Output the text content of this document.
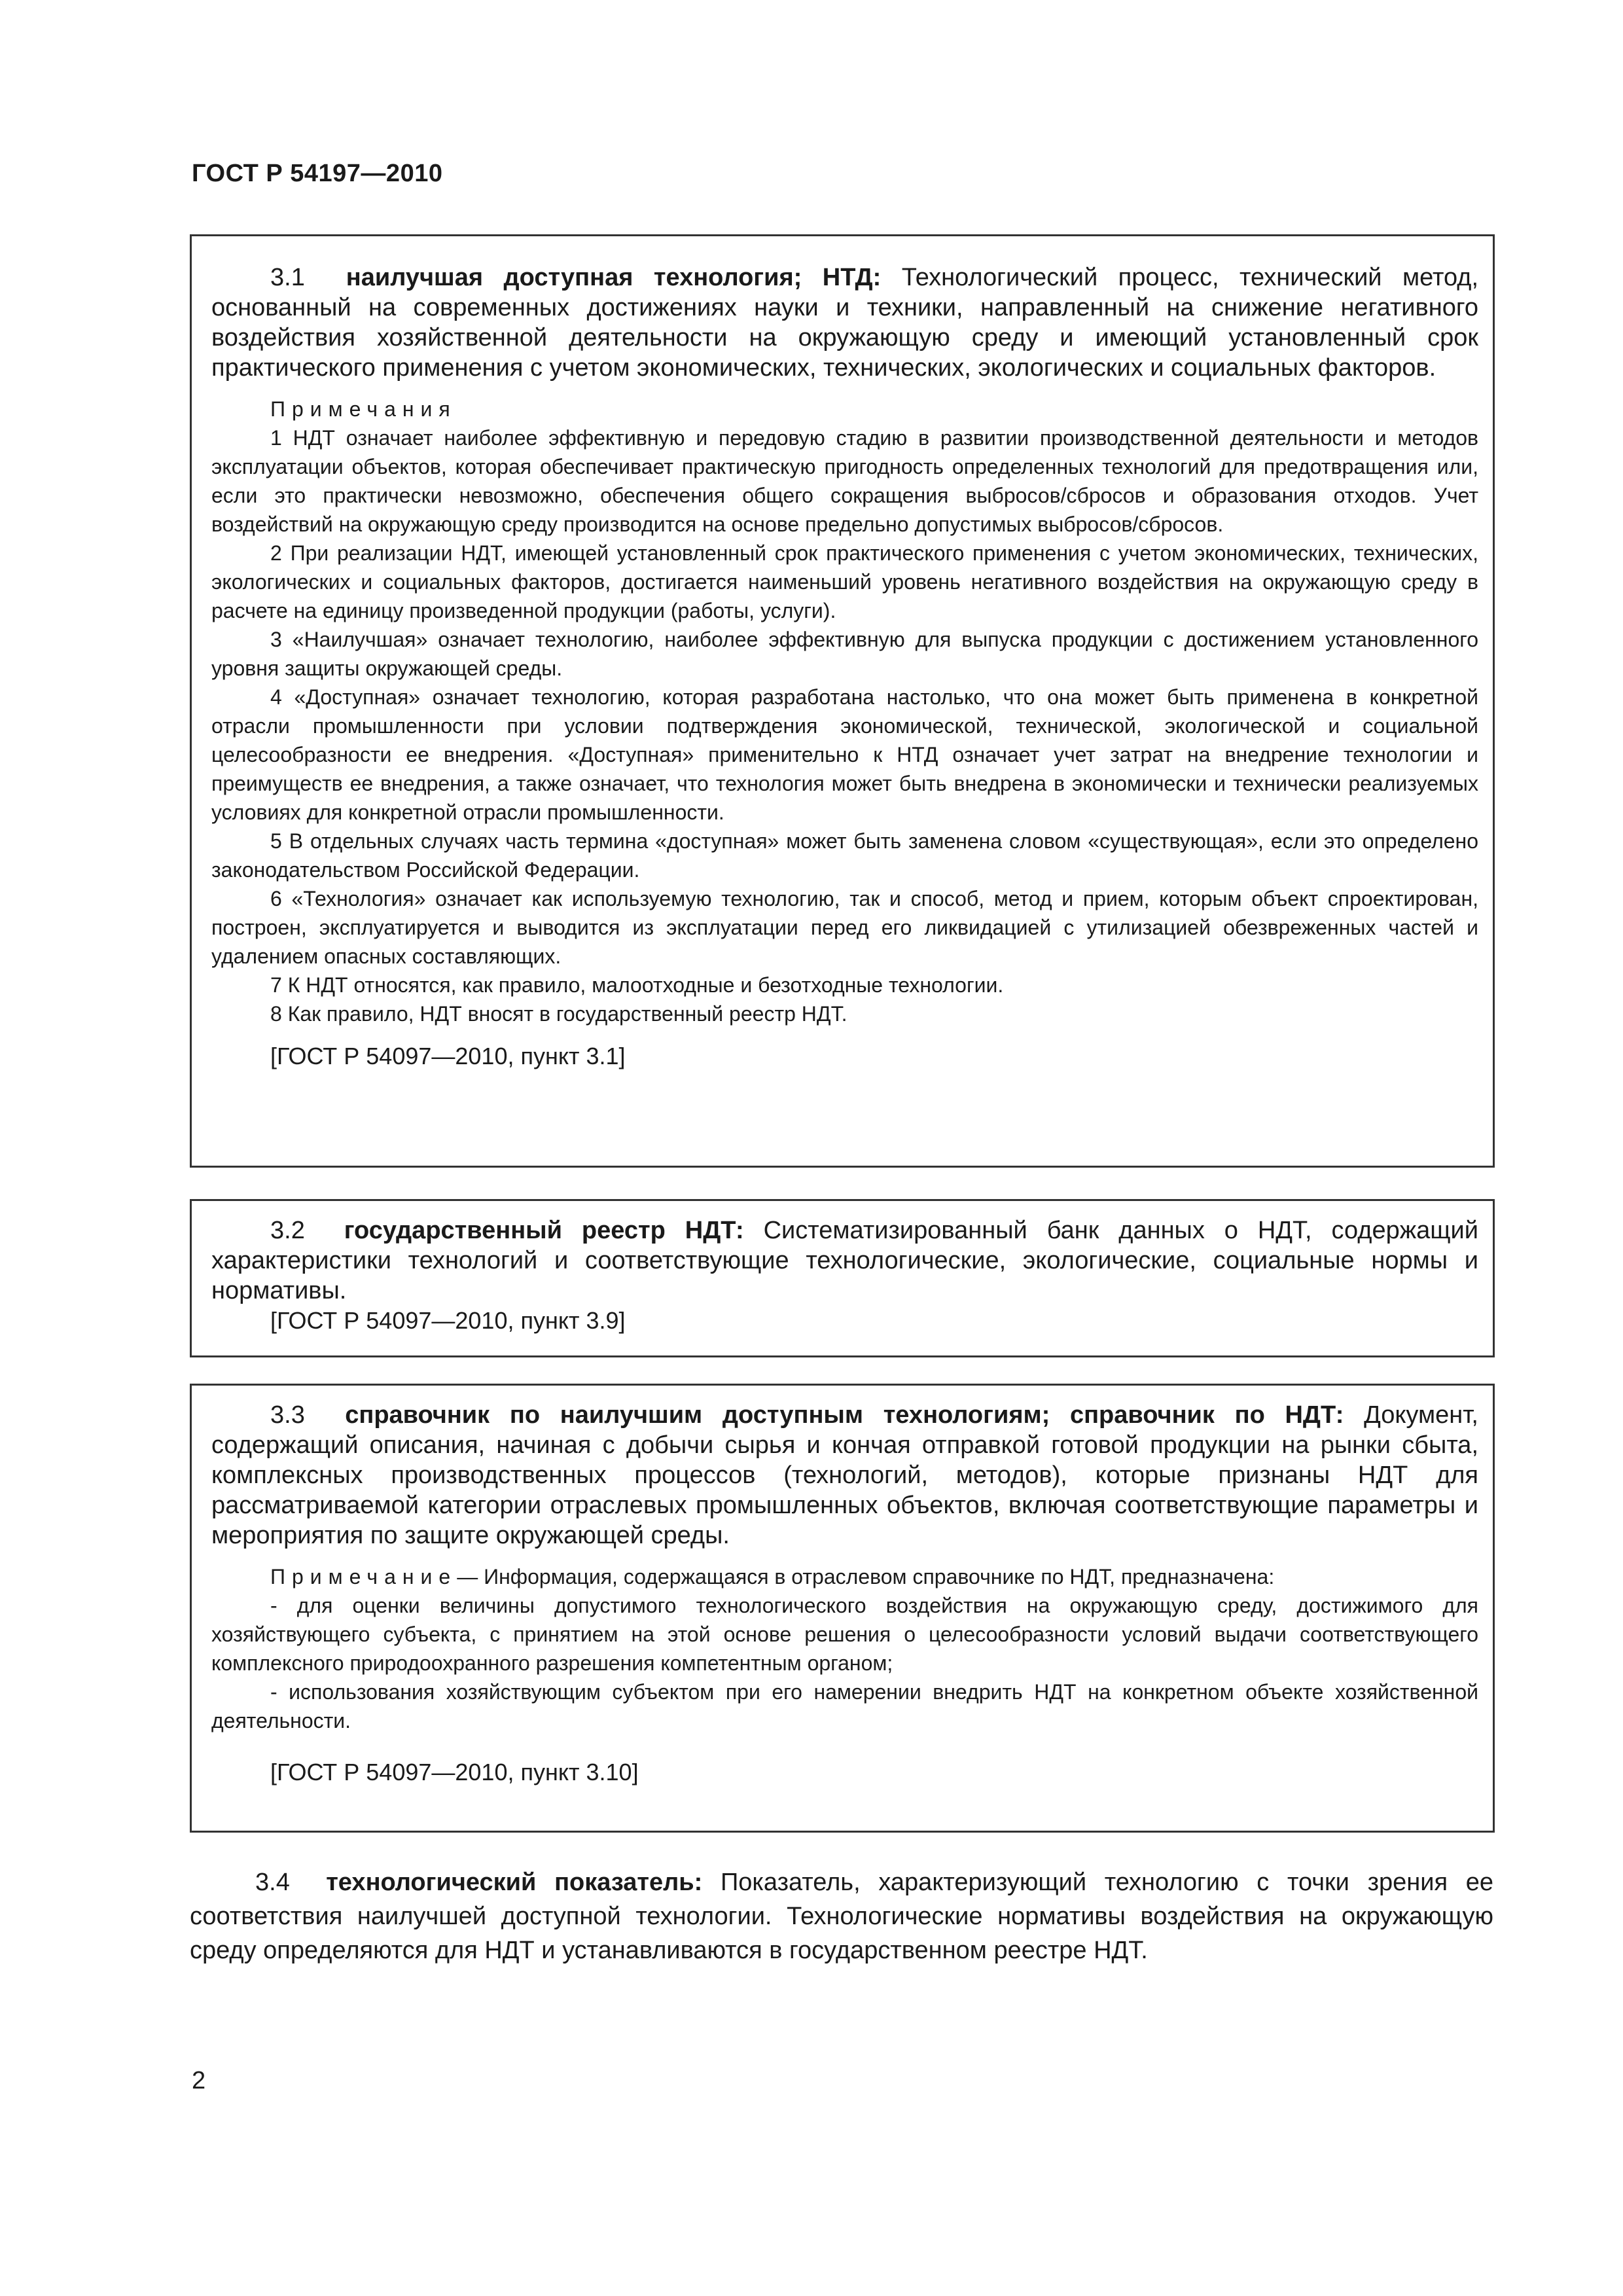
ГОСТ Р 54197—2010

3.1 наилучшая доступная технология; НТД: Технологический процесс, технический метод, основанный на современных достижениях науки и техники, направленный на снижение негативного воздействия хозяйственной деятельности на окружающую среду и имеющий установленный срок практического применения с учетом экономических, технических, экологических и социальных факторов.

Примечания

1 НДТ означает наиболее эффективную и передовую стадию в развитии производственной деятельности и методов эксплуатации объектов, которая обеспечивает практическую пригодность определенных технологий для предотвращения или, если это практически невозможно, обеспечения общего сокращения выбросов/сбросов и образования отходов. Учет воздействий на окружающую среду производится на основе предельно допустимых выбросов/сбросов.

2 При реализации НДТ, имеющей установленный срок практического применения с учетом экономических, технических, экологических и социальных факторов, достигается наименьший уровень негативного воздействия на окружающую среду в расчете на единицу произведенной продукции (работы, услуги).

3 «Наилучшая» означает технологию, наиболее эффективную для выпуска продукции с достижением установленного уровня защиты окружающей среды.

4 «Доступная» означает технологию, которая разработана настолько, что она может быть применена в конкретной отрасли промышленности при условии подтверждения экономической, технической, экологической и социальной целесообразности ее внедрения. «Доступная» применительно к НТД означает учет затрат на внедрение технологии и преимуществ ее внедрения, а также означает, что технология может быть внедрена в экономически и технически реализуемых условиях для конкретной отрасли промышленности.

5 В отдельных случаях часть термина «доступная» может быть заменена словом «существующая», если это определено законодательством Российской Федерации.

6 «Технология» означает как используемую технологию, так и способ, метод и прием, которым объект спроектирован, построен, эксплуатируется и выводится из эксплуатации перед его ликвидацией с утилизацией обезвреженных частей и удалением опасных составляющих.

7 К НДТ относятся, как правило, малоотходные и безотходные технологии.

8 Как правило, НДТ вносят в государственный реестр НДТ.

[ГОСТ Р 54097—2010, пункт 3.1]

3.2 государственный реестр НДТ: Систематизированный банк данных о НДТ, содержащий характеристики технологий и соответствующие технологические, экологические, социальные нормы и нормативы.

[ГОСТ Р 54097—2010, пункт 3.9]

3.3 справочник по наилучшим доступным технологиям; справочник по НДТ: Документ, содержащий описания, начиная с добычи сырья и кончая отправкой готовой продукции на рынки сбыта, комплексных производственных процессов (технологий, методов), которые признаны НДТ для рассматриваемой категории отраслевых промышленных объектов, включая соответствующие параметры и мероприятия по защите окружающей среды.

Примечание— Информация, содержащаяся в отраслевом справочнике по НДТ, предназначена:

- для оценки величины допустимого технологического воздействия на окружающую среду, достижимого для хозяйствующего субъекта, с принятием на этой основе решения о целесообразности условий выдачи соответствующего комплексного природоохранного разрешения компетентным органом;

- использования хозяйствующим субъектом при его намерении внедрить НДТ на конкретном объекте хозяйственной деятельности.

[ГОСТ Р 54097—2010, пункт 3.10]

3.4 технологический показатель: Показатель, характеризующий технологию с точки зрения ее соответствия наилучшей доступной технологии. Технологические нормативы воздействия на окружающую среду определяются для НДТ и устанавливаются в государственном реестре НДТ.

2
